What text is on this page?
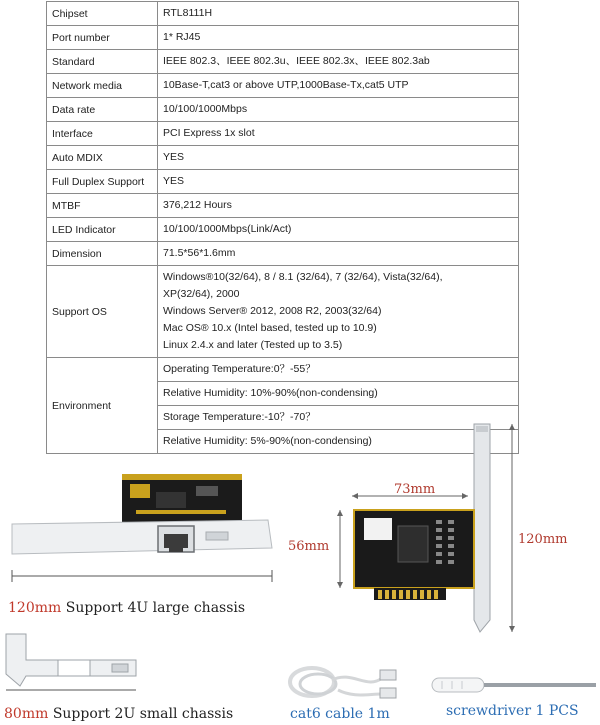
Chipset	RTL8111H
Port number	1* RJ45
Standard	IEEE 802.3、IEEE 802.3u、IEEE 802.3x、IEEE 802.3ab
Network media	10Base-T,cat3 or above UTP,1000Base-Tx,cat5 UTP
Data rate	10/100/1000Mbps
Interface	PCI Express 1x slot
Auto MDIX	YES
Full Duplex Support	YES
MTBF	376,212 Hours
LED Indicator	10/100/1000Mbps(Link/Act)
Dimension	71.5*56*1.6mm
Support OS	Windows®10(32/64), 8 / 8.1 (32/64), 7 (32/64), Vista(32/64),
XP(32/64), 2000
Windows Server® 2012, 2008 R2, 2003(32/64)
Mac OS® 10.x (Intel based, tested up to 10.9)
Linux 2.4.x and later (Tested up to 3.5)

Environment	Operating Temperature:0？-55？
	Relative Humidity: 10%-90%(non-condensing)
	Storage Temperature:-10？-70？
	Relative Humidity: 5%-90%(non-condensing)
120mm Support 4U large chassis
73mm
56mm	120mm
80mm Support 2U small chassis	cat6 cable 1m	screwdriver 1 PCS
